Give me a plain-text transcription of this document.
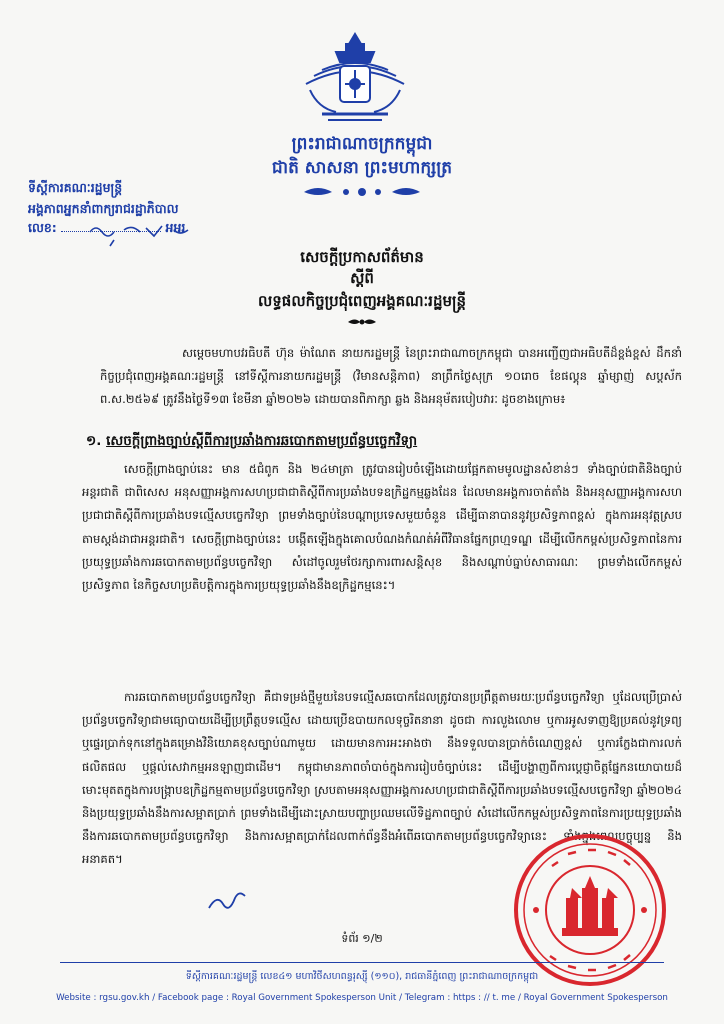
ព្រះរាជាណាចក្រកម្ពុជា
ជាតិ សាសនា ព្រះមហាក្សត្រ
ទីស្តីការគណៈរដ្ឋមន្ត្រី
អង្គភាពអ្នកនាំពាក្យរាជរដ្ឋាភិបាល
លេខ:	អអរ
សេចក្តីប្រកាសព័ត៌មាន
ស្តីពី
លទ្ធផលកិច្ចប្រជុំពេញអង្គគណៈរដ្ឋមន្ត្រី
សម្តេចមហាបវរធិបតី ហ៊ុន ម៉ាណែត នាយករដ្ឋមន្ត្រី នៃព្រះរាជាណាចក្រកម្ពុជា បានអញ្ជើញជាអធិបតីដ៏ខ្ពង់ខ្ពស់ ដឹកនាំកិច្ចប្រជុំពេញអង្គគណៈរដ្ឋមន្ត្រី នៅទីស្តីការនាយករដ្ឋមន្ត្រី (វិមានសន្តិភាព) នាព្រឹកថ្ងៃសុក្រ ១០រោច ខែផល្គុន ឆ្នាំម្សាញ់ សប្តស័ក ព.ស.២៥៦៩ ត្រូវនឹងថ្ងៃទី១៣ ខែមីនា ឆ្នាំ២០២៦ ដោយបានពិភាក្សា ឆ្លង និងអនុម័តរបៀបវារៈ ដូចខាងក្រោម៖
១. សេចក្តីព្រាងច្បាប់ស្តីពីការប្រឆាំងការឆបោកតាមប្រព័ន្ធបច្ចេកវិទ្យា
សេចក្តីព្រាងច្បាប់នេះ មាន ៥ជំពូក និង ២៤មាត្រា ត្រូវបានរៀបចំឡើងដោយផ្អែកតាមមូលដ្ឋានសំខាន់ៗ ទាំងច្បាប់ជាតិនិងច្បាប់អន្តរជាតិ ជាពិសេស អនុសញ្ញាអង្គការសហប្រជាជាតិស្តីពីការប្រឆាំងបទឧក្រិដ្ឋកម្មឆ្លងដែន ដែលមានអង្គការចាត់តាំង និងអនុសញ្ញាអង្គការសហប្រជាជាតិស្តីពីការប្រឆាំងបទល្មើសបច្ចេកវិទ្យា ព្រមទាំងច្បាប់នៃបណ្តាប្រទេសមួយចំនួន ដើម្បីធានាបាននូវប្រសិទ្ធភាពខ្ពស់ ក្នុងការអនុវត្តស្របតាមស្តង់ដាជាអន្តរជាតិ។ សេចក្តីព្រាងច្បាប់នេះ បង្កើតឡើងក្នុងគោលបំណងកំណត់អំពីវិធានផ្នែកព្រហ្មទណ្ឌ ដើម្បីលើកកម្ពស់ប្រសិទ្ធភាពនៃការប្រយុទ្ធប្រឆាំងការឆបោកតាមប្រព័ន្ធបច្ចេកវិទ្យា សំដៅចូលរួមថែរក្សាការពារសន្តិសុខ និងសណ្តាប់ធ្នាប់សាធារណៈ ព្រមទាំងលើកកម្ពស់ប្រសិទ្ធភាព នៃកិច្ចសហប្រតិបត្តិការក្នុងការប្រយុទ្ធប្រឆាំងនឹងឧក្រិដ្ឋកម្មនេះ។
ការឆបោកតាមប្រព័ន្ធបច្ចេកវិទ្យា គឺជាទម្រង់ថ្មីមួយនៃបទល្មើសឆបោកដែលត្រូវបានប្រព្រឹត្តតាមរយៈប្រព័ន្ធបច្ចេកវិទ្យា ឬដែលប្រើប្រាស់ប្រព័ន្ធបច្ចេកវិទ្យាជាមធ្យោបាយដើម្បីប្រព្រឹត្តបទល្មើស ដោយប្រើឧបាយកលទុច្ចរិតនានា ដូចជា ការលួងលោម ឬការអូសទាញឱ្យប្រគល់នូវទ្រព្យ ឬផ្ទេរប្រាក់ទុកនៅក្នុងគម្រោងវិនិយោគខុសច្បាប់ណាមួយ ដោយមានការអះអាងថា នឹងទទួលបានប្រាក់ចំណេញខ្ពស់ ឬការក្លែងជាការលក់ផលិតផល ឬផ្តល់សេវាកម្មអនឡាញជាដើម។ កម្ពុជាមានភាពចាំបាច់ក្នុងការរៀបចំច្បាប់នេះ ដើម្បីបង្ហាញពីការប្តេជ្ញាចិត្តផ្នែកនយោបាយដ៏មោះមុតតក្នុងការបង្ក្រាបឧក្រិដ្ឋកម្មតាមប្រព័ន្ធបច្ចេកវិទ្យា ស្របតាមអនុសញ្ញាអង្គការសហប្រជាជាតិស្តីពីការប្រឆាំងបទល្មើសបច្ចេកវិទ្យា ឆ្នាំ២០២៤ និងប្រយុទ្ធប្រឆាំងនឹងការសម្អាតប្រាក់ ព្រមទាំងដើម្បីដោះស្រាយបញ្ហាប្រឈមលើទិដ្ឋភាពច្បាប់ សំដៅលើកកម្ពស់ប្រសិទ្ធភាពនៃការប្រយុទ្ធប្រឆាំងនឹងការឆបោកតាមប្រព័ន្ធបច្ចេកវិទ្យា និងការសម្អាតប្រាក់ដែលពាក់ព័ន្ធនឹងអំពើឆបោកតាមប្រព័ន្ធបច្ចេកវិទ្យានេះ ទាំងក្នុងពេលបច្ចុប្បន្ន និងអនាគត។
ទំព័រ ១/២
ទីស្តីការគណៈរដ្ឋមន្ត្រី លេខ៤១ មហាវិថីសហពន្ធរុស្ស៊ី (១១០), រាជធានីភ្នំពេញ ព្រះរាជាណាចក្រកម្ពុជា
Website : rgsu.gov.kh / Facebook page : Royal Government Spokesperson Unit / Telegram : https : // t. me / Royal Government Spokesperson
